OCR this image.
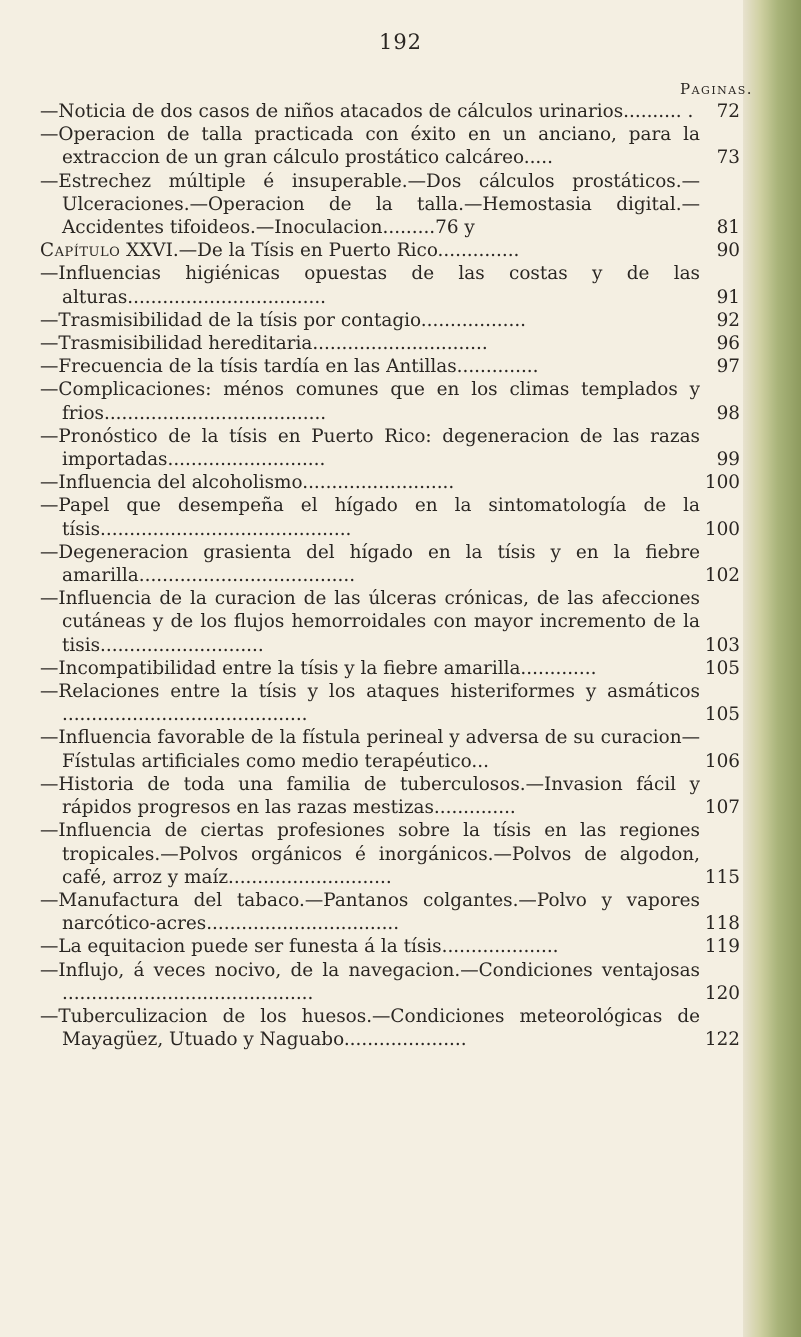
192
Paginas.
—Noticia de dos casos de niños atacados de cálculos urinarios.......... . 72
—Operacion de talla practicada con éxito en un anciano, para la extraccion de un gran cálculo prostático calcáreo.....	73
—Estrechez múltiple é insuperable.—Dos cálculos prostáticos.—Ulceraciones.—Operacion de la talla.—Hemostasia digital.—Accidentes tifoideos.—Inoculacion.........76 y	81
Capítulo XXVI.—De la Tísis en Puerto Rico..............	90
—Influencias higiénicas opuestas de las costas y de las alturas..................................	91
—Trasmisibilidad de la tísis por contagio..................	92
—Trasmisibilidad hereditaria..............................	96
—Frecuencia de la tísis tardía en las Antillas..............	97
—Complicaciones: ménos comunes que en los climas templados y frios......................................	98
—Pronóstico de la tísis en Puerto Rico: degeneracion de las razas importadas...........................	99
—Influencia del alcoholismo..........................	100
—Papel que desempeña el hígado en la sintomatología de la tísis...........................................	100
—Degeneracion grasienta del hígado en la tísis y en la fiebre amarilla.....................................	102
—Influencia de la curacion de las úlceras crónicas, de las afecciones cutáneas y de los flujos hemorroidales con mayor incremento de la tisis............................	103
—Incompatibilidad entre la tísis y la fiebre amarilla.............	105
—Relaciones entre la tísis y los ataques histeriformes y asmáticos ..........................................	105
—Influencia favorable de la fístula perineal y adversa de su curacion—Fístulas artificiales como medio terapéutico...	106
—Historia de toda una familia de tuberculosos.—Invasion fácil y rápidos progresos en las razas mestizas..............	107
—Influencia de ciertas profesiones sobre la tísis en las regiones tropicales.—Polvos orgánicos é inorgánicos.—Polvos de algodon, café, arroz y maíz............................	115
—Manufactura del tabaco.—Pantanos colgantes.—Polvo y vapores narcótico-acres.................................	118
—La equitacion puede ser funesta á la tísis....................	119
—Influjo, á veces nocivo, de la navegacion.—Condiciones ventajosas ...........................................	120
—Tuberculizacion de los huesos.—Condiciones meteorológicas de Mayagüez, Utuado y Naguabo.....................	122
